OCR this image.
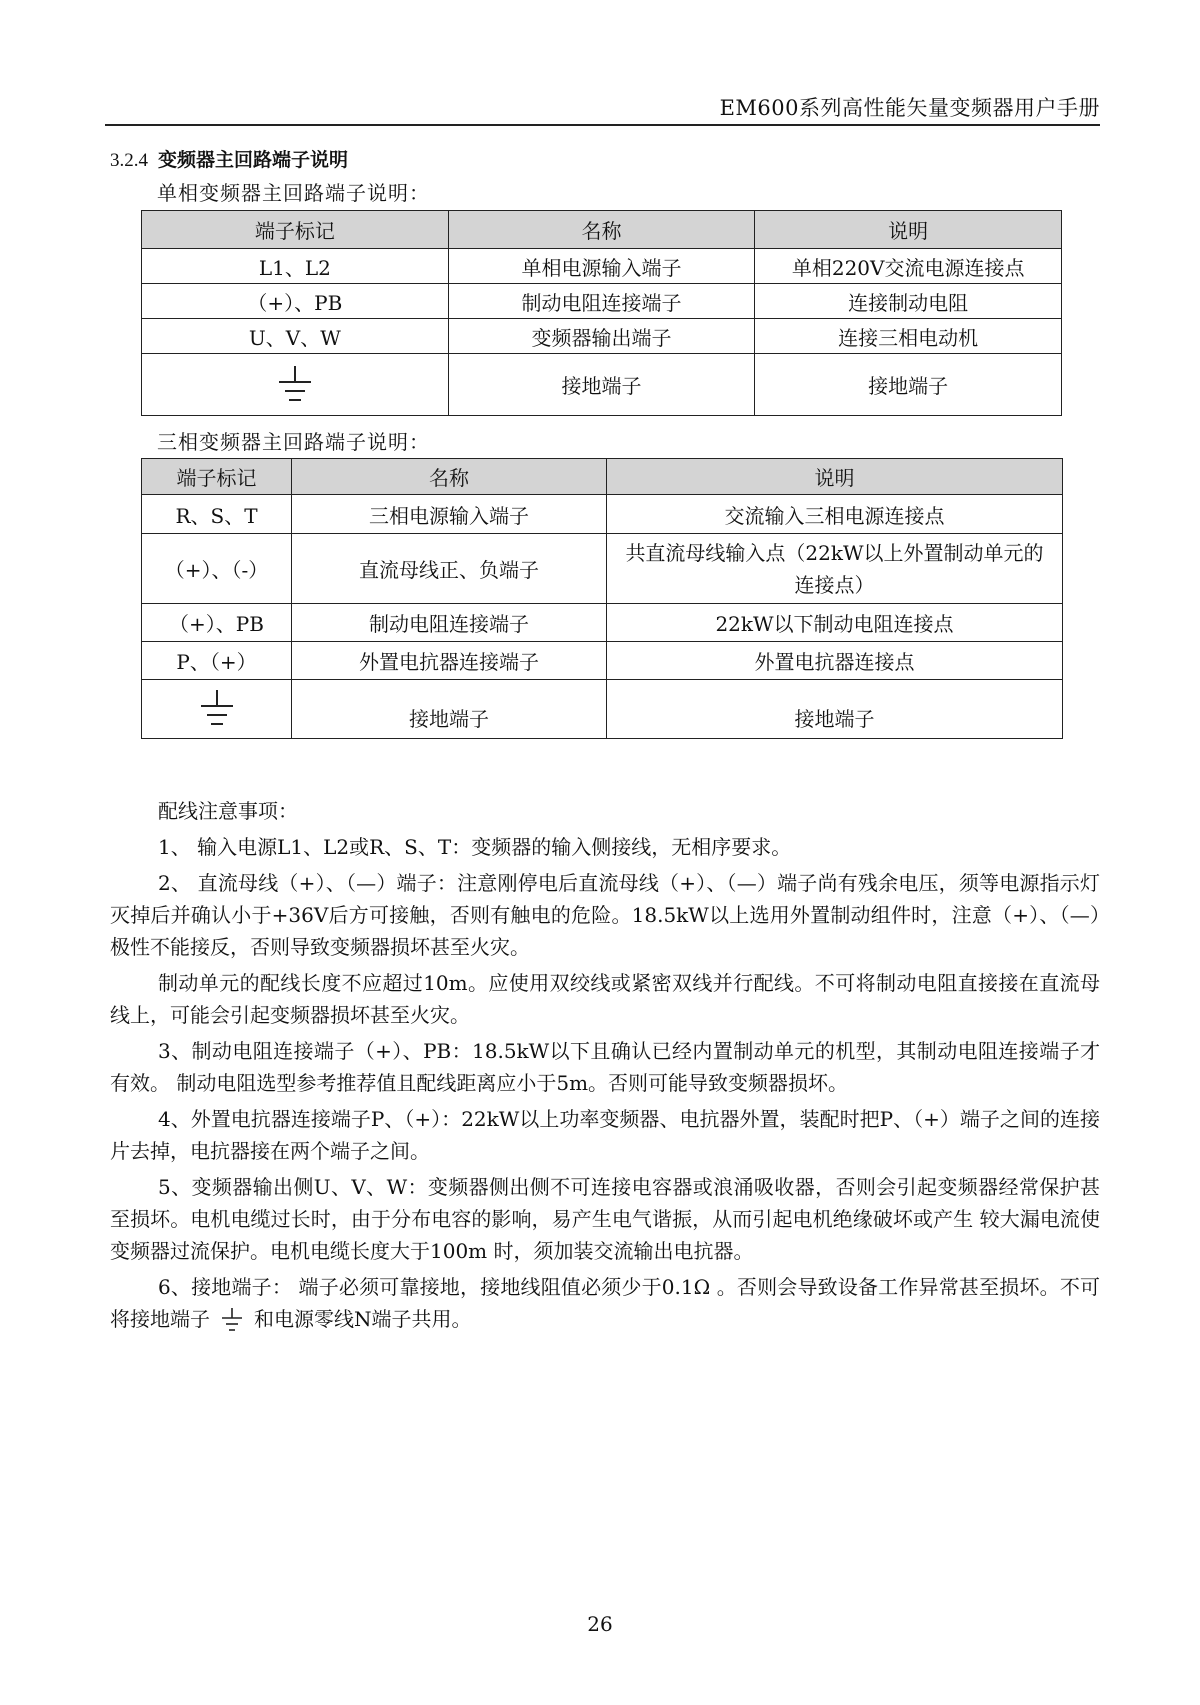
EM600系列高性能矢量变频器用户手册
3.2.4 变频器主回路端子说明
单相变频器主回路端子说明：
端子标记	名称	说明
L1、L2	单相电源输入端子	单相220V交流电源连接点
（+）、PB	制动电阻连接端子	连接制动电阻
U、V、W	变频器输出端子	连接三相电动机
	接地端子	接地端子
三相变频器主回路端子说明：
端子标记	名称	说明
R、S、T	三相电源输入端子	交流输入三相电源连接点
（+）、（-）	直流母线正、负端子	共直流母线输入点（22kW以上外置制动单元的连接点）
（+）、PB	制动电阻连接端子	22kW以下制动电阻连接点
P、（+）	外置电抗器连接端子	外置电抗器连接点
	接地端子	接地端子

配线注意事项：

1、 输入电源L1、L2或R、S、T：变频器的输入侧接线，无相序要求。

2、 直流母线（+）、（—）端子：注意刚停电后直流母线（+）、（—）端子尚有残余电压，须等电源指示灯灭掉后并确认小于+36V后方可接触，否则有触电的危险。18.5kW以上选用外置制动组件时，注意（+）、（—）极性不能接反，否则导致变频器损坏甚至火灾。

制动单元的配线长度不应超过10m。应使用双绞线或紧密双线并行配线。不可将制动电阻直接接在直流母线上，可能会引起变频器损坏甚至火灾。

3、制动电阻连接端子（+）、PB：18.5kW以下且确认已经内置制动单元的机型，其制动电阻连接端子才有效。 制动电阻选型参考推荐值且配线距离应小于5m。否则可能导致变频器损坏。

4、外置电抗器连接端子P、（+）：22kW以上功率变频器、电抗器外置，装配时把P、（+）端子之间的连接片去掉，电抗器接在两个端子之间。

5、变频器输出侧U、V、W：变频器侧出侧不可连接电容器或浪涌吸收器，否则会引起变频器经常保护甚至损坏。电机电缆过长时，由于分布电容的影响，易产生电气谐振，从而引起电机绝缘破坏或产生 较大漏电流使变频器过流保护。电机电缆长度大于100m 时，须加装交流输出电抗器。

6、接地端子： 端子必须可靠接地，接地线阻值必须少于0.1Ω 。否则会导致设备工作异常甚至损坏。不可将接地端子 和电源零线N端子共用。

26
